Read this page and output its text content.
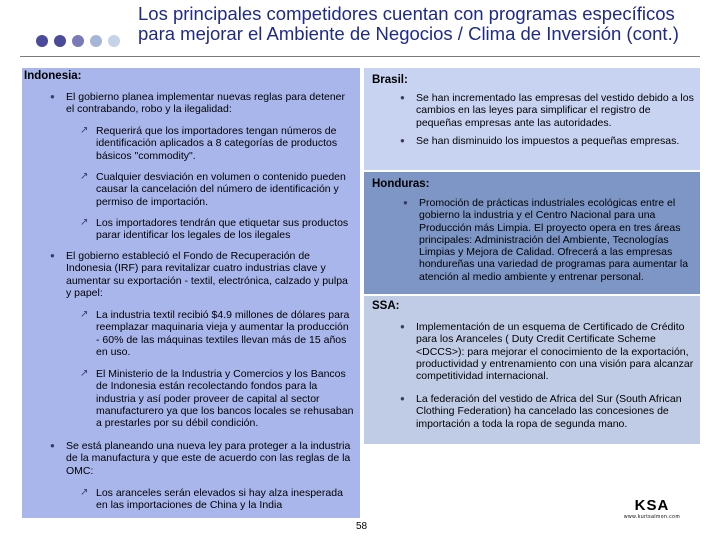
Los principales competidores cuentan con programas específicos
para mejorar el Ambiente de Negocios / Clima de Inversión (cont.)
Indonesia:
● El gobierno planea implementar nuevas reglas para detener el contrabando, robo y la ilegalidad:
↗ Requerirá que los importadores tengan números de identificación aplicados a 8 categorías de productos básicos "commodity".
↗ Cualquier desviación en volumen o contenido pueden causar la cancelación del número de identificación y permiso de importación.
↗ Los importadores tendrán que etiquetar sus productos parar identificar los legales de los ilegales
● El gobierno estableció el Fondo de Recuperación de Indonesia (IRF) para revitalizar cuatro industrias clave y aumentar su exportación - textil, electrónica, calzado y pulpa y papel:
↗ La industria textil recibió $4.9 millones de dólares para reemplazar maquinaria vieja y aumentar la producción - 60% de las máquinas textiles llevan más de 15 años en uso.
↗ El Ministerio de la Industria y Comercios y los Bancos de Indonesia están recolectando fondos para la industria y así poder proveer de capital al sector manufacturero ya que los bancos locales se rehusaban a prestarles por su débil condición.
● Se está planeando una nueva ley para proteger a la industria de la manufactura y que este de acuerdo con las reglas de la OMC:
↗ Los aranceles serán elevados si hay alza inesperada en las importaciones de China y la India
Brasil:
● Se han incrementado las empresas del vestido debido a los cambios en las leyes para simplificar el registro de pequeñas empresas ante las autoridades.
● Se han disminuido los impuestos a pequeñas empresas.
Honduras:
● Promoción de prácticas industriales ecológicas entre el gobierno la industria y el Centro Nacional para una Producción más Limpia. El proyecto opera en tres áreas principales: Administración del Ambiente, Tecnologías Limpias y Mejora de Calidad. Ofrecerá a las empresas hondureñas una variedad de programas para aumentar la atención al medio ambiente y entrenar personal.
SSA:
● Implementación de un esquema de Certificado de Crédito para los Aranceles ( Duty Credit Certificate Scheme <DCCS>): para mejorar el conocimiento de la exportación, productividad y entrenamiento con una visión para alcanzar competitividad internacional.
● La federación del vestido de Africa del Sur (South African Clothing Federation) ha cancelado las concesiones de importación a toda la ropa de segunda mano.
58
KSA
www.kurtsalmon.com
